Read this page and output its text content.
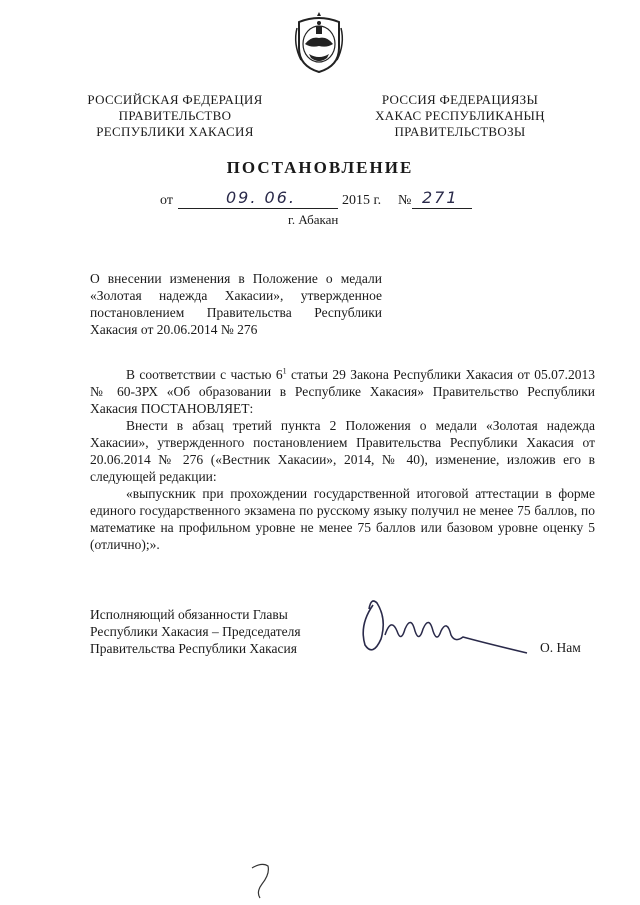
РОССИЙСКАЯ ФЕДЕРАЦИЯ
ПРАВИТЕЛЬСТВО
РЕСПУБЛИКИ ХАКАСИЯ
РОССИЯ ФЕДЕРАЦИЯЗЫ
ХАКАС РЕСПУБЛИКАНЫҢ
ПРАВИТЕЛЬСТВОЗЫ
ПОСТАНОВЛЕНИЕ
от	09. 06.	2015 г. № 271
г. Абакан
О внесении изменения в Положение о медали «Золотая надежда Хакасии», утвержденное постановлением Правительства Республики Хакасия от 20.06.2014 № 276

В соответствии с частью $6^1$ статьи 29 Закона Республики Хакасия от 05.07.2013 № 60-ЗРХ «Об образовании в Республике Хакасия» Правительство Республики Хакасия ПОСТАНОВЛЯЕТ:

Внести в абзац третий пункта 2 Положения о медали «Золотая надежда Хакасии», утвержденного постановлением Правительства Республики Хакасия от 20.06.2014 № 276 («Вестник Хакасии», 2014, № 40), изменение, изложив его в следующей редакции:

«выпускник при прохождении государственной итоговой аттестации в форме единого государственного экзамена по русскому языку получил не менее 75 баллов, по математике на профильном уровне не менее 75 баллов или базовом уровне оценку 5 (отлично);».

Исполняющий обязанности Главы
Республики Хакасия – Председателя
Правительства Республики Хакасия	О. Нам
